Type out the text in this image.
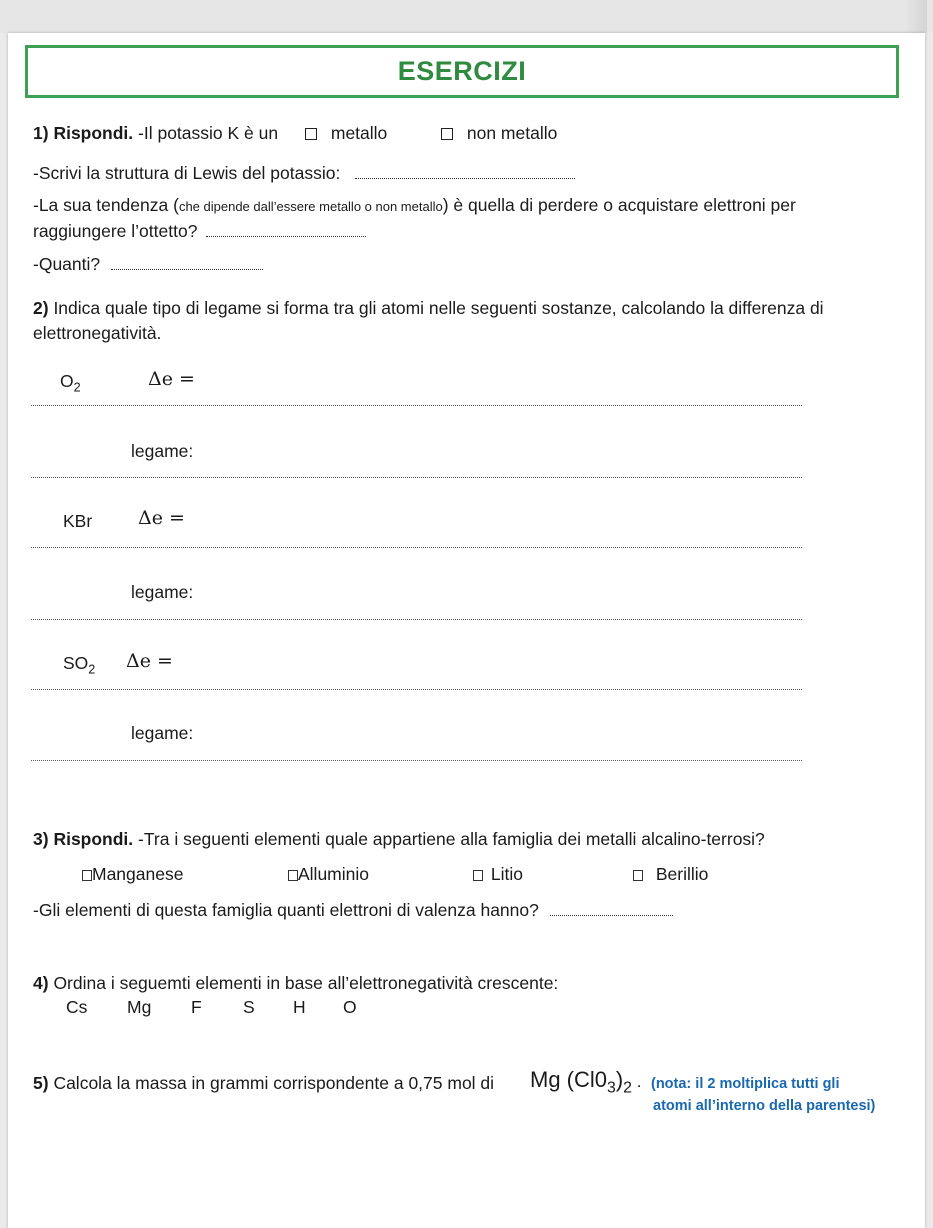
ESERCIZI
1) Rispondi. -Il potassio K è un	metallo	non metallo
-Scrivi la struttura di Lewis del potassio:
-La sua tendenza (che dipende dall’essere metallo o non metallo) è quella di perdere o acquistare elettroni per
raggiungere l’ottetto?
-Quanti?
2) Indica quale tipo di legame si forma tra gli atomi nelle seguenti sostanze, calcolando la differenza di
elettronegatività.
$O_2$	Δe =
legame:
KBr Δe =
legame:
$SO_2$ Δe =
legame:
3) Rispondi. -Tra i seguenti elementi quale appartiene alla famiglia dei metalli alcalino-terrosi?
Manganese	Alluminio	Litio	Berillio
-Gli elementi di questa famiglia quanti elettroni di valenza hanno?
4) Ordina i seguemti elementi in base all’elettronegatività crescente:
Cs Mg F S H O
5) Calcola la massa in grammi corrispondente a 0,75 mol di Mg $(Cl0_3)_2$ . (nota: il 2 moltiplica tutti gli
atomi all’interno della parentesi)
